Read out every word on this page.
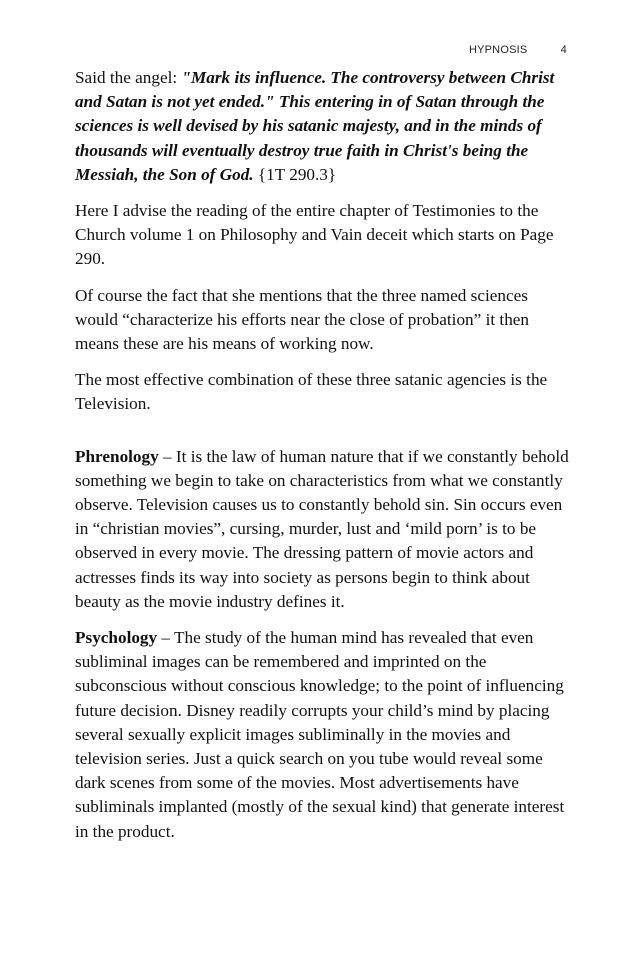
HYPNOSIS	4

Said the angel: "Mark its influence. The controversy between Christ and Satan is not yet ended." This entering in of Satan through the sciences is well devised by his satanic majesty, and in the minds of thousands will eventually destroy true faith in Christ's being the Messiah, the Son of God. {1T 290.3}

Here I advise the reading of the entire chapter of Testimonies to the Church volume 1 on Philosophy and Vain deceit which starts on Page 290.

Of course the fact that she mentions that the three named sciences would “characterize his efforts near the close of probation” it then means these are his means of working now.

The most effective combination of these three satanic agencies is the Television.

Phrenology – It is the law of human nature that if we constantly behold something we begin to take on characteristics from what we constantly observe. Television causes us to constantly behold sin. Sin occurs even in “christian movies”, cursing, murder, lust and ‘mild porn’ is to be observed in every movie. The dressing pattern of movie actors and actresses finds its way into society as persons begin to think about beauty as the movie industry defines it.

Psychology – The study of the human mind has revealed that even subliminal images can be remembered and imprinted on the subconscious without conscious knowledge; to the point of influencing future decision. Disney readily corrupts your child’s mind by placing several sexually explicit images subliminally in the movies and television series. Just a quick search on you tube would reveal some dark scenes from some of the movies. Most advertisements have subliminals implanted (mostly of the sexual kind) that generate interest in the product.
